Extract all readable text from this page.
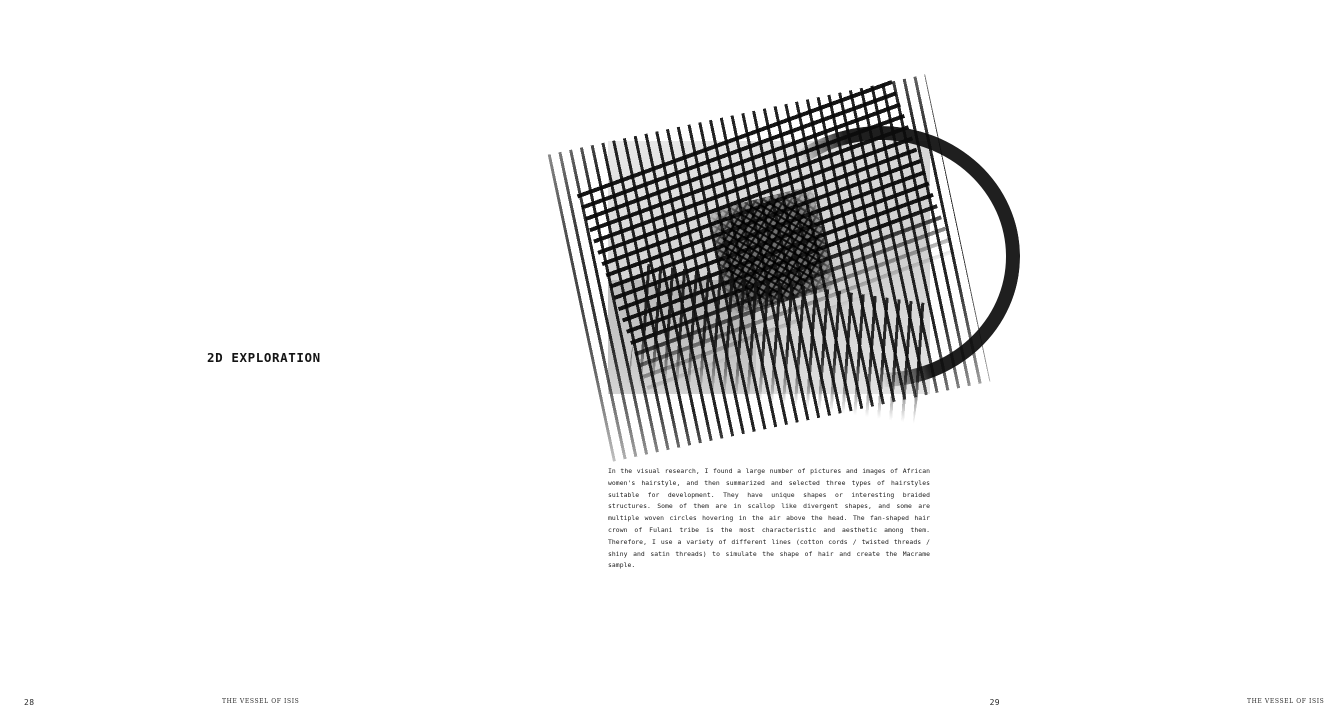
2D EXPLORATION
28	THE VESSEL OF ISIS
In the visual research, I found a large number of pictures and images of African women's hairstyle, and then summarized and selected three types of hairstyles suitable for development. They have unique shapes or interesting braided structures. Some of them are in scallop like divergent shapes, and some are multiple woven circles hovering in the air above the head. The fan-shaped hair crown of Fulani tribe is the most characteristic and aesthetic among them. Therefore, I use a variety of different lines (cotton cords / twisted threads / shiny and satin threads) to simulate the shape of hair and create the Macrame sample.
29	THE VESSEL OF ISIS
